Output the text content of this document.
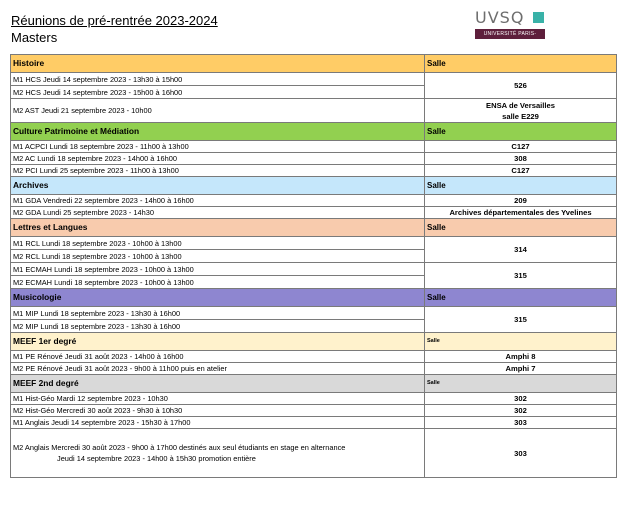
Réunions de pré-rentrée 2023-2024
Masters
UVSQ
UNIVERSITÉ PARIS-SACLAY
Histoire	Salle

M1 HCS Jeudi 14 septembre 2023 - 13h30 à 15h00	526

M2 HCS Jeudi 14 septembre 2023 - 15h00 à 16h00	

M2 AST Jeudi 21 septembre 2023 - 10h00	ENSA de Versailles
salle E229

Culture Patrimoine et Médiation	Salle

M1 ACPCI Lundi 18 septembre 2023 - 11h00 à 13h00	C127

M2 AC Lundi 18 septembre 2023 - 14h00 à 16h00	308

M2 PCI Lundi 25 septembre 2023 - 11h00 à 13h00	C127

Archives	Salle

M1 GDA Vendredi 22 septembre 2023 - 14h00 à 16h00	209

M2 GDA Lundi 25 septembre 2023 - 14h30	Archives départementales des Yvelines

Lettres et Langues	Salle

M1 RCL Lundi 18 septembre 2023 - 10h00 à 13h00	314

M2 RCL Lundi 18 septembre 2023 - 10h00 à 13h00	

M1 ECMAH Lundi 18 septembre 2023 - 10h00 à 13h00	315

M2 ECMAH Lundi 18 septembre 2023 - 10h00 à 13h00	

Musicologie	Salle

M1 MIP Lundi 18 septembre 2023 - 13h30 à 16h00	315

M2 MIP Lundi 18 septembre 2023 - 13h30 à 16h00	

MEEF 1er degré	Salle

M1 PE Rénové Jeudi 31 août 2023 - 14h00 à 16h00	Amphi 8

M2 PE Rénové Jeudi 31 août 2023 - 9h00 à 11h00 puis en atelier	Amphi 7

MEEF 2nd degré	Salle

M1 Hist-Géo Mardi 12 septembre 2023 - 10h30	302

M2 Hist-Géo Mercredi 30 août 2023 - 9h30 à 10h30	302

M1 Anglais Jeudi 14 septembre 2023 - 15h30 à 17h00	303

M2 Anglais Mercredi 30 août 2023 - 9h00 à 17h00 destinés aux seul étudiants en stage en alternance
Jeudi 14 septembre 2023 - 14h00 à 15h30 promotion entière	303
